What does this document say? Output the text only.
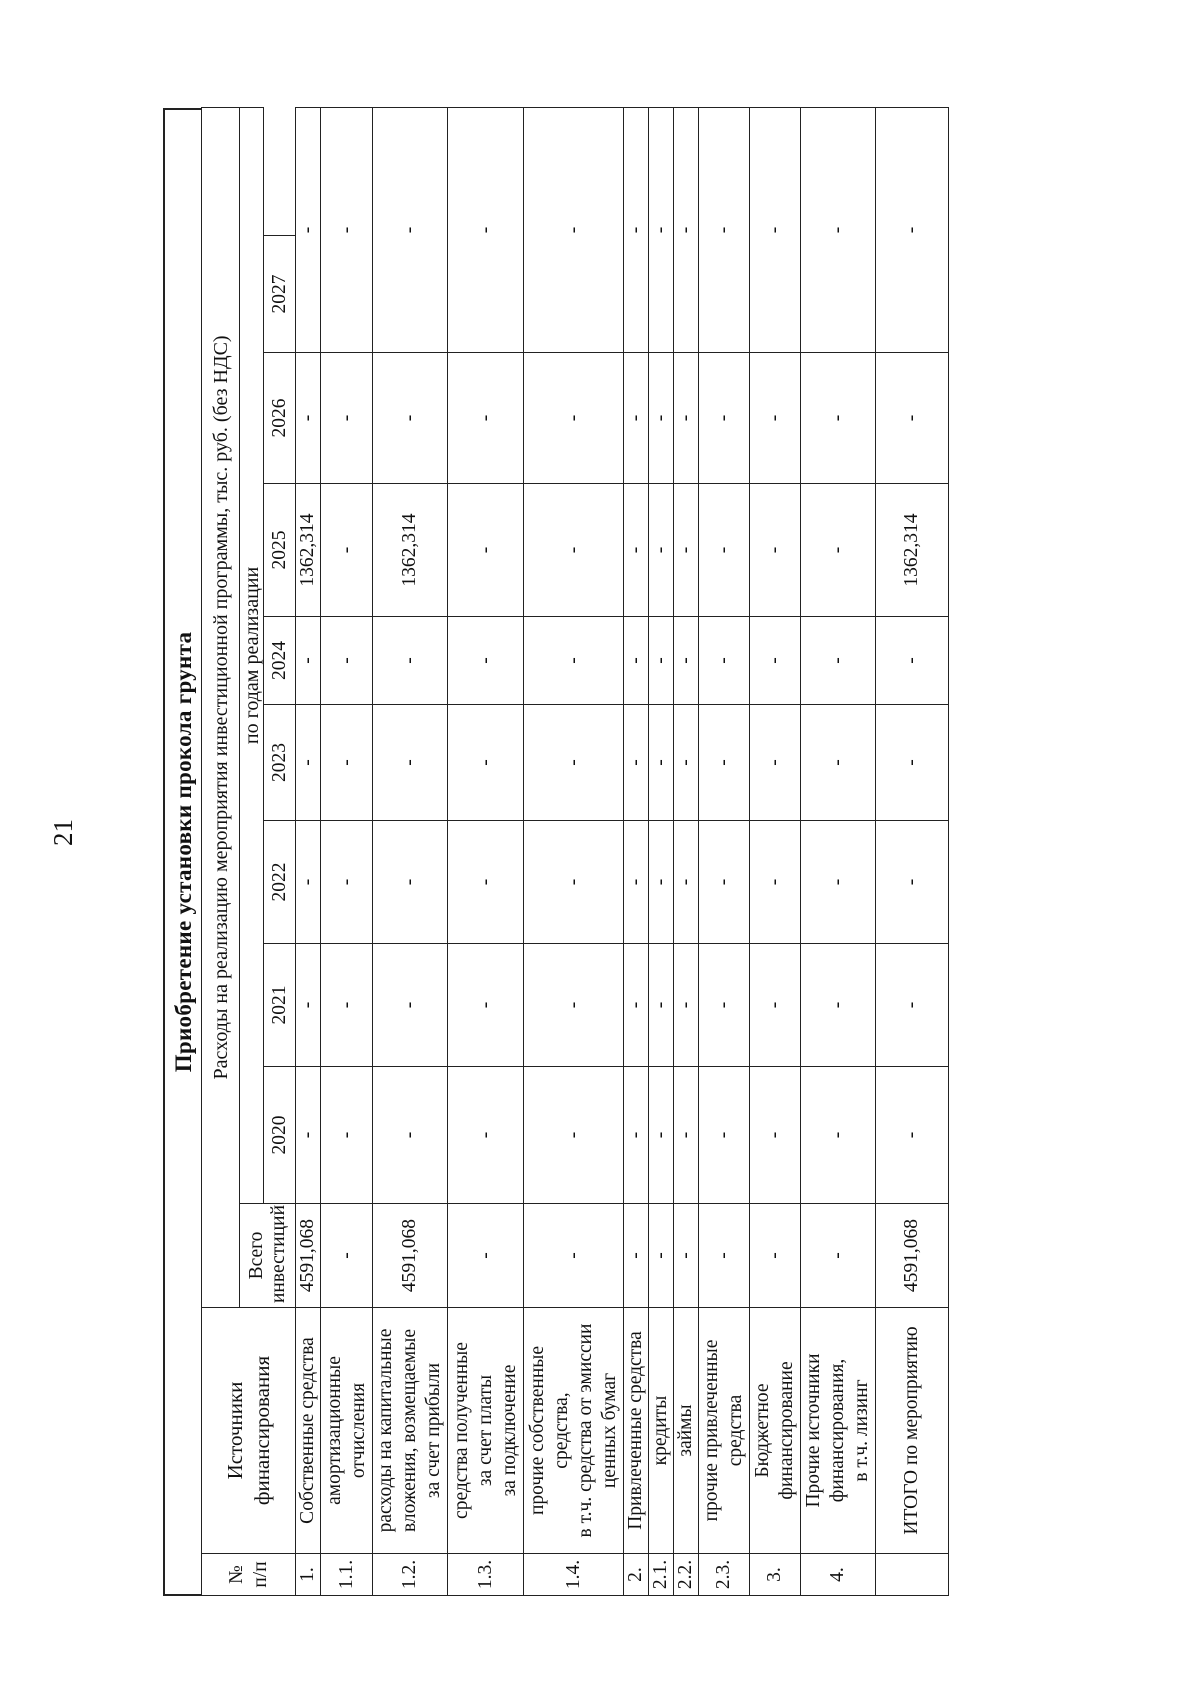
21	Приобретение установки прокола грунта
№
п/п	Источники
финансирования	Расходы на реализацию мероприятия инвестиционной программы, тыс. руб. (без НДС)								
		Всего
инвестиций	по годам реализации							
			2020	2021	2022	2023	2024	2025	2026	2027
1.	Собственные средства	4591,068	-	-	-	-	-	1362,314	-	-
1.1.	амортизационные
отчисления	-	-	-	-	-	-	-	-	-
1.2.	расходы на капитальные
вложения, возмещаемые
за счет прибыли	4591,068	-	-	-	-	-	1362,314	-	-
1.3.	средства полученные
за счет платы
за подключение	-	-	-	-	-	-	-	-	-
1.4.	прочие собственные
средства,
в т.ч. средства от эмиссии
ценных бумаг	-	-	-	-	-	-	-	-	-
2.	Привлеченные средства	-	-	-	-	-	-	-	-	-
2.1.	кредиты	-	-	-	-	-	-	-	-	-
2.2.	займы	-	-	-	-	-	-	-	-	-
2.3.	прочие привлеченные
средства	-	-	-	-	-	-	-	-	-
3.	Бюджетное
финансирование	-	-	-	-	-	-	-	-	-
4.	Прочие источники
финансирования,
в т.ч. лизинг	-	-	-	-	-	-	-	-	-
	ИТОГО по мероприятию	4591,068	-	-	-	-	-	1362,314	-	-
